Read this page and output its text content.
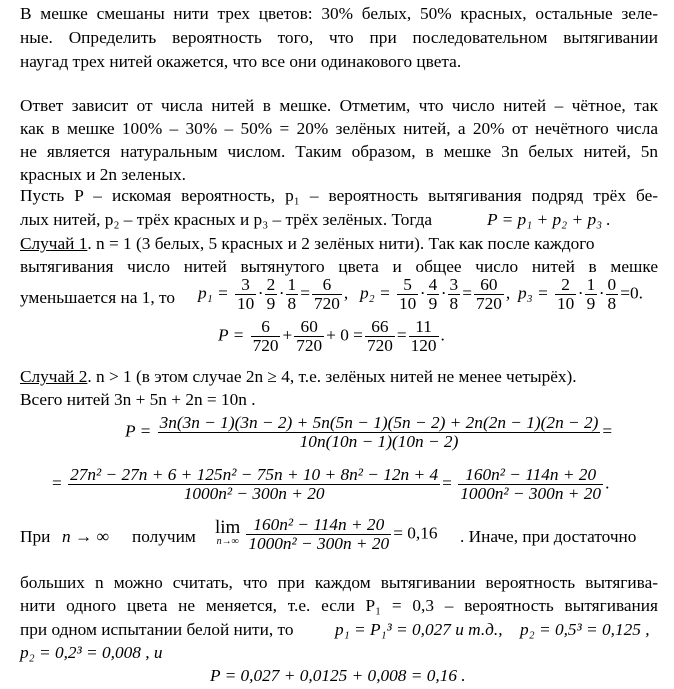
В мешке смешаны нити трех цветов: 30% белых, 50% красных, остальные зеле-
ные. Определить вероятность того, что при последовательном вытягивании
наугад трех нитей окажется, что все они одинакового цвета.
Ответ зависит от числа нитей в мешке. Отметим, что число нитей – чётное, так
как в мешке 100% – 30% – 50% = 20% зелёных нитей, а 20% от нечётного числа
не является натуральным числом. Таким образом, в мешке 3n белых нитей, 5n
красных и 2n зеленых.
Пусть P – искомая вероятность, p₁ – вероятность вытягивания подряд трёх бе-
лых нитей, p₂ – трёх красных и p₃ – трёх зелёных. Тогда	P = p₁ + p₂ + p₃ .
Случай 1. n = 1 (3 белых, 5 красных и 2 зелёных нити). Так как после каждого
вытягивания число нитей вытянутого цвета и общее число нитей в мешке
уменьшается на 1, то $p_1 = \frac{3}{10} \cdot \frac{2}{9} \cdot \frac{1}{8} = \frac{6}{720}$ , $p_2 = \frac{5}{10} \cdot \frac{4}{9} \cdot \frac{3}{8} = \frac{60}{720}$ , $p_3 = \frac{2}{10} \cdot \frac{1}{9} \cdot \frac{0}{8} =0$.
$P = \frac{6}{720} + \frac{60}{720} + 0 = \frac{66}{720} = \frac{11}{120}$ .
Случай 2. n > 1 (в этом случае 2n ≥ 4, т.е. зелёных нитей не менее четырёх).
Всего нитей 3n + 5n + 2n = 10n .
$P = \frac{3n(3n - 1)(3n - 2) + 5n(5n - 1)(5n - 2) + 2n(2n - 1)(2n - 2)}{10n(10n - 1)(10n - 2)}$ =
= $\frac{\text{27n² − 27n + 6 + 125n² − 75n + 10 + 8n² − 12n + 4}}{\text{1000n² − 300n + 20}} = \frac{\text{160n² − 114n + 20}}{\text{1000n² − 300n + 20}}$ .
При n → ∞ получим lim
$n\to\infty \frac{\text{160n² − 114n + 20}}{\text{1000n² − 300n + 20}} = 0,16$ . Иначе, при достаточно
больших n можно считать, что при каждом вытягивании вероятность вытягива-
нити одного цвета не меняется, т.е. если P₁ = 0,3 – вероятность вытягивания
при одном испытании белой нити, то p₁ = P₁³ = 0,027 и т.д., p₂ = 0,5³ = 0,125 ,
p₂ = 0,2³ = 0,008 , и
P = 0,027 + 0,0125 + 0,008 = 0,16 .
